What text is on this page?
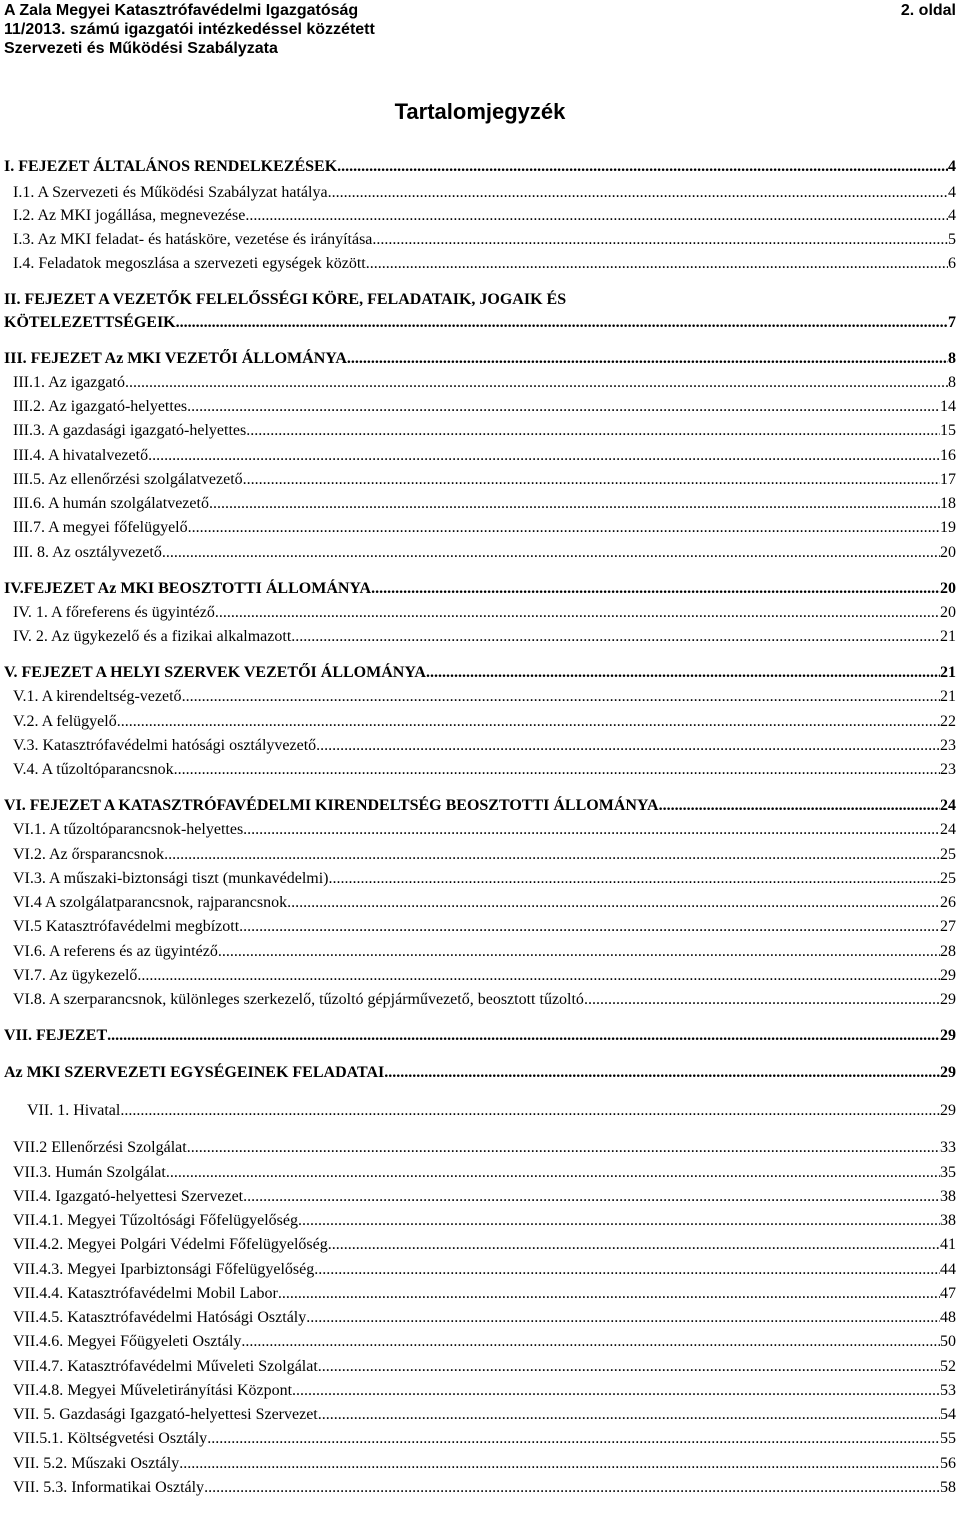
A Zala Megyei Katasztrófavédelmi Igazgatóság
11/2013. számú igazgatói intézkedéssel közzétett
Szervezeti és Működési Szabályzata
2. oldal
Tartalomjegyzék
I. FEJEZET ÁLTALÁNOS RENDELKEZÉSEK .....	4
I.1. A Szervezeti és Működési Szabályzat hatálya .....	4
I.2. Az MKI jogállása, megnevezése .....	4
I.3. Az MKI feladat- és hatásköre, vezetése és irányítása .....	5
I.4. Feladatok megoszlása a szervezeti egységek között .....	6
II. FEJEZET A VEZETŐK FELELŐSSÉGI KÖRE, FELADATAIK, JOGAIK ÉS
KÖTELEZETTSÉGEIK .....	7
III. FEJEZET Az MKI VEZETŐI ÁLLOMÁNYA .....	8
III.1. Az igazgató .....	8
III.2. Az igazgató-helyettes .....	14
III.3. A gazdasági igazgató-helyettes .....	15
III.4. A hivatalvezető .....	16
III.5. Az ellenőrzési szolgálatvezető .....	17
III.6. A humán szolgálatvezető .....	18
III.7. A megyei főfelügyelő .....	19
III. 8. Az osztályvezető .....	20
IV.FEJEZET Az MKI BEOSZTOTTI ÁLLOMÁNYA .....	20
IV. 1. A főreferens és ügyintéző .....	20
IV. 2. Az ügykezelő és a fizikai alkalmazott .....	21
V. FEJEZET A HELYI SZERVEK VEZETŐI ÁLLOMÁNYA .....	21
V.1. A kirendeltség-vezető .....	21
V.2. A felügyelő .....	22
V.3. Katasztrófavédelmi hatósági osztályvezető .....	23
V.4. A tűzoltóparancsnok .....	23
VI. FEJEZET A KATASZTRÓFAVÉDELMI KIRENDELTSÉG BEOSZTOTTI ÁLLOMÁNYA .....	24
VI.1. A tűzoltóparancsnok-helyettes .....	24
VI.2. Az őrsparancsnok .....	25
VI.3. A műszaki-biztonsági tiszt (munkavédelmi) .....	25
VI.4 A szolgálatparancsnok, rajparancsnok .....	26
VI.5 Katasztrófavédelmi megbízott .....	27
VI.6. A referens és az ügyintéző .....	28
VI.7. Az ügykezelő .....	29
VI.8. A szerparancsnok, különleges szerkezelő, tűzoltó gépjárművezető, beosztott tűzoltó .....	29
VII. FEJEZET .....	29
Az MKI SZERVEZETI EGYSÉGEINEK FELADATAI .....	29
VII. 1. Hivatal .....	29
VII.2 Ellenőrzési Szolgálat .....	33
VII.3. Humán Szolgálat .....	35
VII.4. Igazgató-helyettesi Szervezet .....	38
VII.4.1. Megyei Tűzoltósági Főfelügyelőség .....	38
VII.4.2. Megyei Polgári Védelmi Főfelügyelőség .....	41
VII.4.3. Megyei Iparbiztonsági Főfelügyelőség .....	44
VII.4.4. Katasztrófavédelmi Mobil Labor .....	47
VII.4.5. Katasztrófavédelmi Hatósági Osztály .....	48
VII.4.6. Megyei Főügyeleti Osztály .....	50
VII.4.7. Katasztrófavédelmi Műveleti Szolgálat .....	52
VII.4.8. Megyei Műveletirányítási Központ .....	53
VII. 5. Gazdasági Igazgató-helyettesi Szervezet .....	54
VII.5.1. Költségvetési Osztály .....	55
VII. 5.2. Műszaki Osztály .....	56
VII. 5.3. Informatikai Osztály .....	58
